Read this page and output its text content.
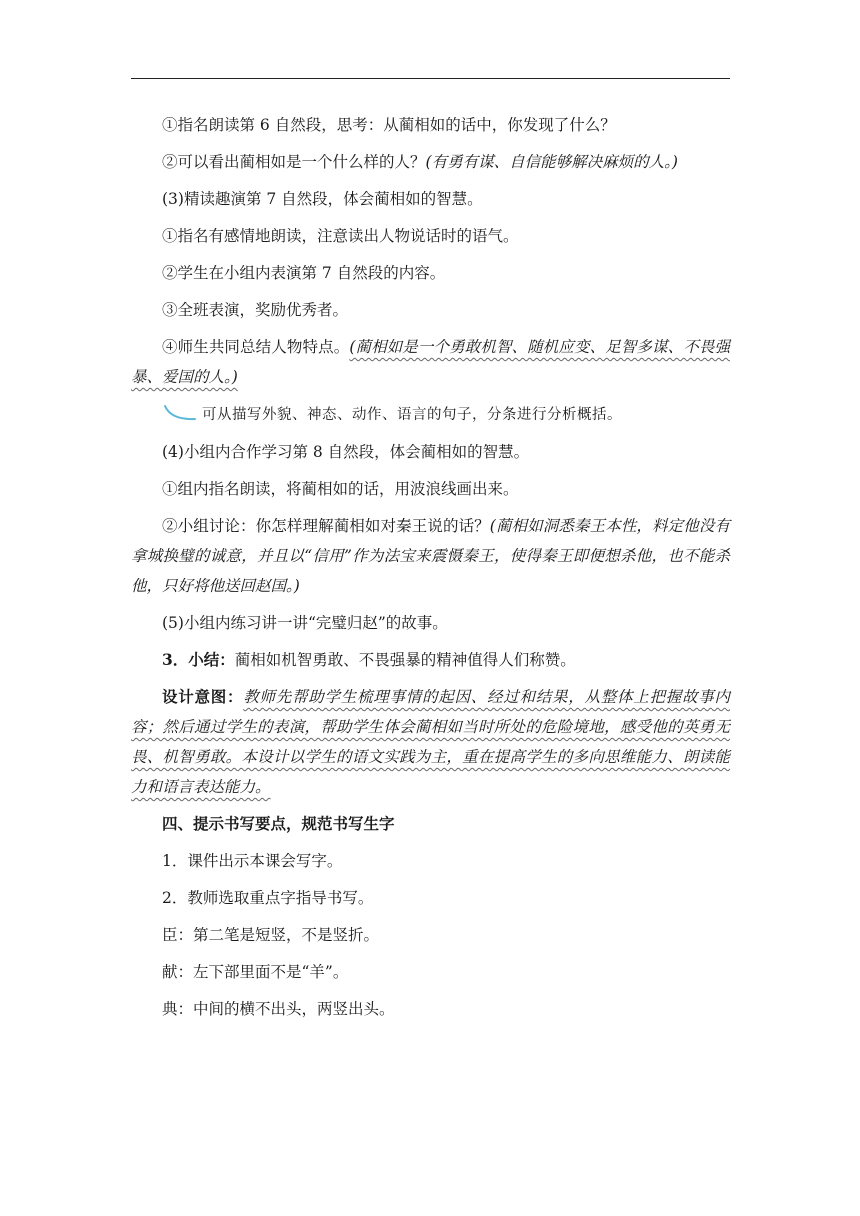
①指名朗读第 6 自然段，思考：从蔺相如的话中，你发现了什么？

②可以看出蔺相如是一个什么样的人？(有勇有谋、自信能够解决麻烦的人。)

(3)精读趣演第 7 自然段，体会蔺相如的智慧。

①指名有感情地朗读，注意读出人物说话时的语气。

②学生在小组内表演第 7 自然段的内容。

③全班表演，奖励优秀者。

④师生共同总结人物特点。(蔺相如是一个勇敢机智、随机应变、足智多谋、不畏强暴、爱国的人。)

可从描写外貌、神态、动作、语言的句子，分条进行分析概括。

(4)小组内合作学习第 8 自然段，体会蔺相如的智慧。

①组内指名朗读，将蔺相如的话，用波浪线画出来。

②小组讨论：你怎样理解蔺相如对秦王说的话？(蔺相如洞悉秦王本性，料定他没有拿城换璧的诚意，并且以“信用”作为法宝来震慑秦王，使得秦王即便想杀他，也不能杀他，只好将他送回赵国。)

(5)小组内练习讲一讲“完璧归赵”的故事。

3．小结：蔺相如机智勇敢、不畏强暴的精神值得人们称赞。

设计意图：教师先帮助学生梳理事情的起因、经过和结果，从整体上把握故事内容；然后通过学生的表演，帮助学生体会蔺相如当时所处的危险境地，感受他的英勇无畏、机智勇敢。本设计以学生的语文实践为主，重在提高学生的多向思维能力、朗读能力和语言表达能力。

四、提示书写要点，规范书写生字

1．课件出示本课会写字。

2．教师选取重点字指导书写。

臣：第二笔是短竖，不是竖折。

献：左下部里面不是“羊”。

典：中间的横不出头，两竖出头。
